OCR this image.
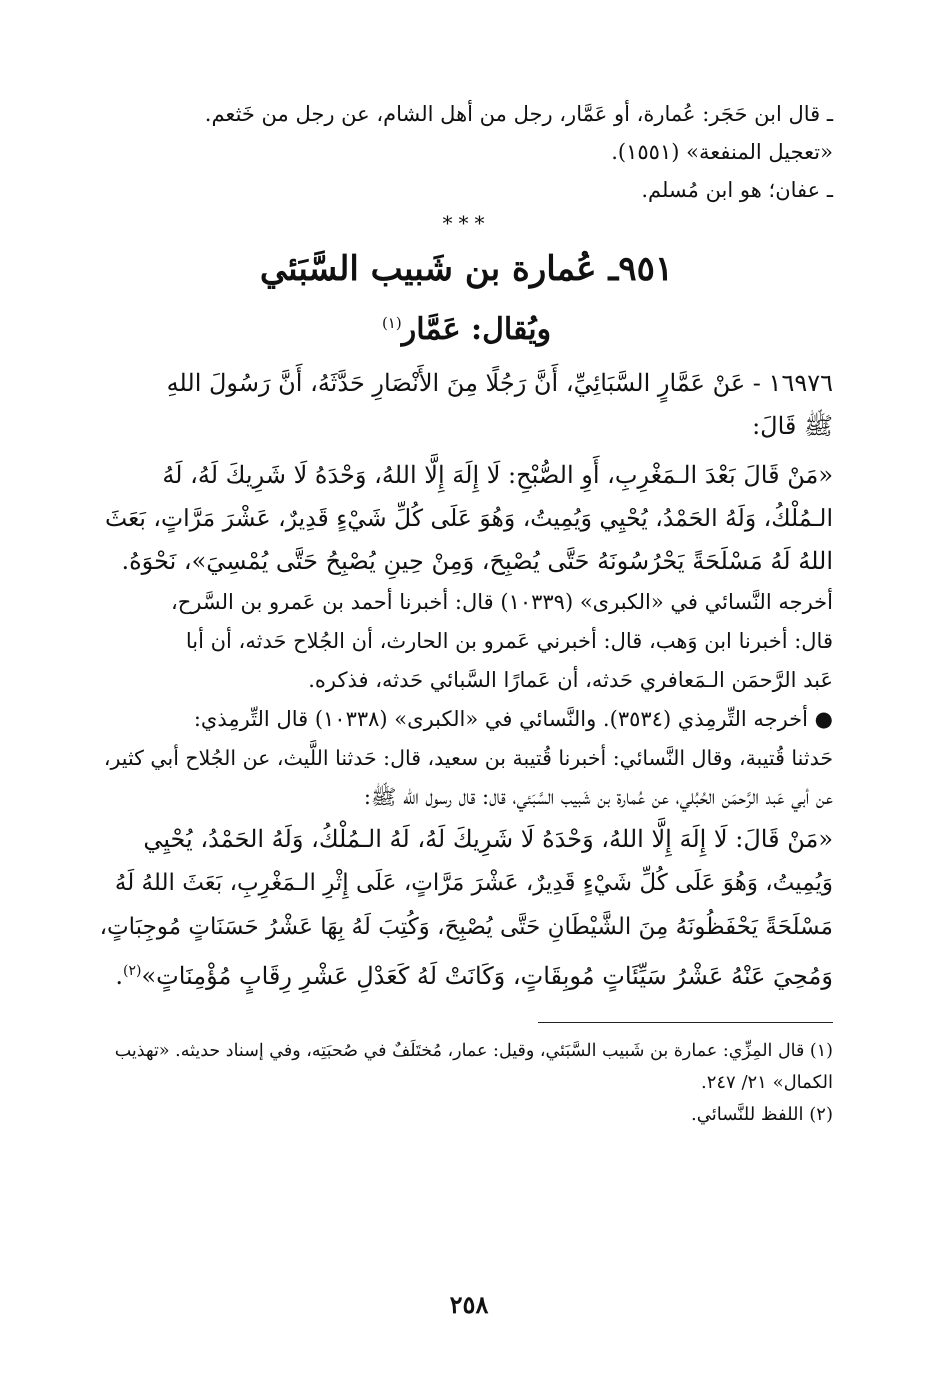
ـ قال ابن حَجَر: عُمارة، أو عَمَّار، رجل من أهل الشام، عن رجل من خَثعم.
«تعجيل المنفعة» (١٥٥١).
ـ عفان؛ هو ابن مُسلم.
***
٩٥١ـ عُمارة بن شَبيب السَّبَئي
ويُقال: عَمَّار$^{(١)}$
١٦٩٧٦ - عَنْ عَمَّارٍ السَّبَائِيِّ، أَنَّ رَجُلًا مِنَ الأَنْصَارِ حَدَّثَهُ، أَنَّ رَسُولَ اللهِ
ﷺ قَالَ:
«مَنْ قَالَ بَعْدَ الـمَغْرِبِ، أَوِ الصُّبْحِ: لَا إِلَهَ إِلَّا اللهُ، وَحْدَهُ لَا شَرِيكَ لَهُ، لَهُ
الـمُلْكُ، وَلَهُ الحَمْدُ، يُحْيِي وَيُمِيتُ، وَهُوَ عَلَى كُلِّ شَيْءٍ قَدِيرٌ، عَشْرَ مَرَّاتٍ، بَعَثَ
اللهُ لَهُ مَسْلَحَةً يَحْرُسُونَهُ حَتَّى يُصْبِحَ، وَمِنْ حِينِ يُصْبِحُ حَتَّى يُمْسِيَ»، نَحْوَهُ.
أخرجه النَّسائي في «الكبرى» (١٠٣٣٩) قال: أخبرنا أحمد بن عَمرو بن السَّرح،
قال: أخبرنا ابن وَهب، قال: أخبرني عَمرو بن الحارث، أن الجُلاح حَدثه، أن أبا
عَبد الرَّحمَن الـمَعافري حَدثه، أن عَمارًا السَّبائي حَدثه، فذكره.
● أخرجه التِّرمِذي (٣٥٣٤). والنَّسائي في «الكبرى» (١٠٣٣٨) قال التِّرمِذي:
حَدثنا قُتيبة، وقال النَّسائي: أخبرنا قُتيبة بن سعيد، قال: حَدثنا اللَّيث، عن الجُلاح أبي كثير،
عن أبي عَبد الرَّحمَن الحُبُلي، عن عُمارة بن شَبيب السَّبَئي، قال: قال رسول الله ﷺ:
«مَنْ قَالَ: لَا إِلَهَ إِلَّا اللهُ، وَحْدَهُ لَا شَرِيكَ لَهُ، لَهُ الـمُلْكُ، وَلَهُ الحَمْدُ، يُحْيِي
وَيُمِيتُ، وَهُوَ عَلَى كُلِّ شَيْءٍ قَدِيرٌ، عَشْرَ مَرَّاتٍ، عَلَى إِثْرِ الـمَغْرِبِ، بَعَثَ اللهُ لَهُ
مَسْلَحَةً يَحْفَظُونَهُ مِنَ الشَّيْطَانِ حَتَّى يُصْبِحَ، وَكُتِبَ لَهُ بِهَا عَشْرُ حَسَنَاتٍ مُوجِبَاتٍ،
وَمُحِيَ عَنْهُ عَشْرُ سَيِّئَاتٍ مُوبِقَاتٍ، وَكَانَتْ لَهُ كَعَدْلِ عَشْرِ رِقَابٍ مُؤْمِنَاتٍ»$^{(٢)}$.
(١) قال المِزِّي: عمارة بن شَبيب السَّبَئي، وقيل: عمار، مُختَلَفٌ في صُحبَتِه، وفي إسناد حديثه. «تهذيب
الكمال» ٢١/ ٢٤٧.
(٢) اللفظ للنَّسائي.
٢٥٨
